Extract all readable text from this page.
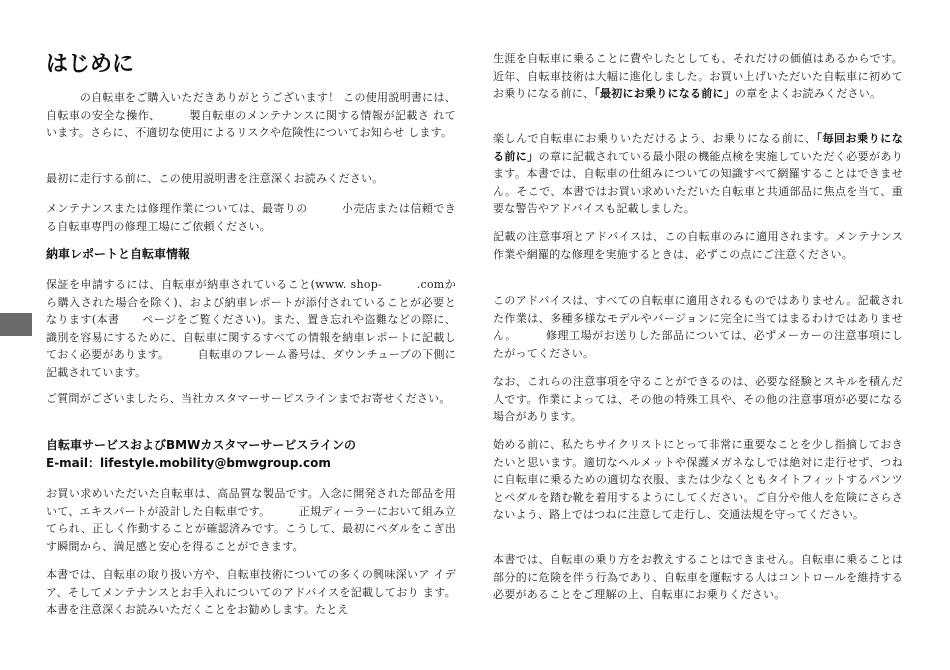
はじめに

　　　の自転車をご購入いただきありがとうございます！ この使用説明書には、自転車の安全な操作、　　　製自転車のメンテナンスに関する情報が記載さ れています。さらに、不適切な使用によるリスクや危険性についてお知らせ します。

最初に走行する前に、この使用説明書を注意深くお読みください。

メンテナンスまたは修理作業については、最寄りの　　　小売店または信頼できる自転車専門の修理工場にご依頼ください。

納車レポートと自転車情報

保証を申請するには、自転車が納車されていること(www. shop-　　　.comから購入された場合を除く)、および納車レポートが添付されていることが必要と なります(本書　　ページをご覧ください)。また、置き忘れや盗難などの際に、識別を容易にするために、自転車に関するすべての情報を納車レポートに記載しておく必要があります。　　　自転車のフレーム番号は、ダウンチューブの下側に記載されています。

ご質問がございましたら、当社カスタマーサービスラインまでお寄せください。

自転車サービスおよびBMWカスタマーサービスラインの
E-mail：lifestyle.mobility@bmwgroup.com

お買い求めいただいた自転車は、高品質な製品です。入念に開発された部品を用いて、エキスパートが設計した自転車です。　　　正規ディーラーにおいて組み立てられ、正しく作動することが確認済みです。こうして、最初にペダルをこぎ出す瞬間から、満足感と安心を得ることができます。

本書では、自転車の取り扱い方や、自転車技術についての多くの興味深いア イデア、そしてメンテナンスとお手入れについてのアドバイスを記載しており ます。本書を注意深くお読みいただくことをお勧めします。たとえ

生涯を自転車に乗ることに費やしたとしても、それだけの価値はあるからです。近年、自転車技術は大幅に進化しました。お買い上げいただいた自転車に初めてお乗りになる前に、「最初にお乗りになる前に」の章をよくお読みください。

楽しんで自転車にお乗りいただけるよう、お乗りになる前に、「毎回お乗りになる前に」の章に記載されている最小限の機能点検を実施していただく必要があります。本書では、自転車の仕組みについての知識すべて網羅することはできません。そこで、本書ではお買い求めいただいた自転車と共通部品に焦点を当て、重要な警告やアドバイスも記載しました。

記載の注意事項とアドバイスは、この自転車のみに適用されます。メンテナンス作業や網羅的な修理を実施するときは、必ずこの点にご注意ください。

このアドバイスは、すべての自転車に適用されるものではありません。記載された作業は、多種多様なモデルやバージョンに完全に当てはまるわけではありません。　　　修理工場がお送りした部品については、必ずメーカーの注意事項にしたがってください。

なお、これらの注意事項を守ることができるのは、必要な経験とスキルを積んだ人です。作業によっては、その他の特殊工具や、その他の注意事項が必要になる場合があります。

始める前に、私たちサイクリストにとって非常に重要なことを少し指摘しておきたいと思います。適切なヘルメットや保護メガネなしでは絶対に走行せず、つねに自転車に乗るための適切な衣服、または少なくともタイトフィットするパンツとペダルを踏む靴を着用するようにしてください。ご自分や他人を危険にさらさないよう、路上ではつねに注意して走行し、交通法規を守ってください。

本書では、自転車の乗り方をお教えすることはできません。自転車に乗ることは部分的に危険を伴う行為であり、自転車を運転する人はコントロールを維持する必要があることをご理解の上、自転車にお乗りください。
